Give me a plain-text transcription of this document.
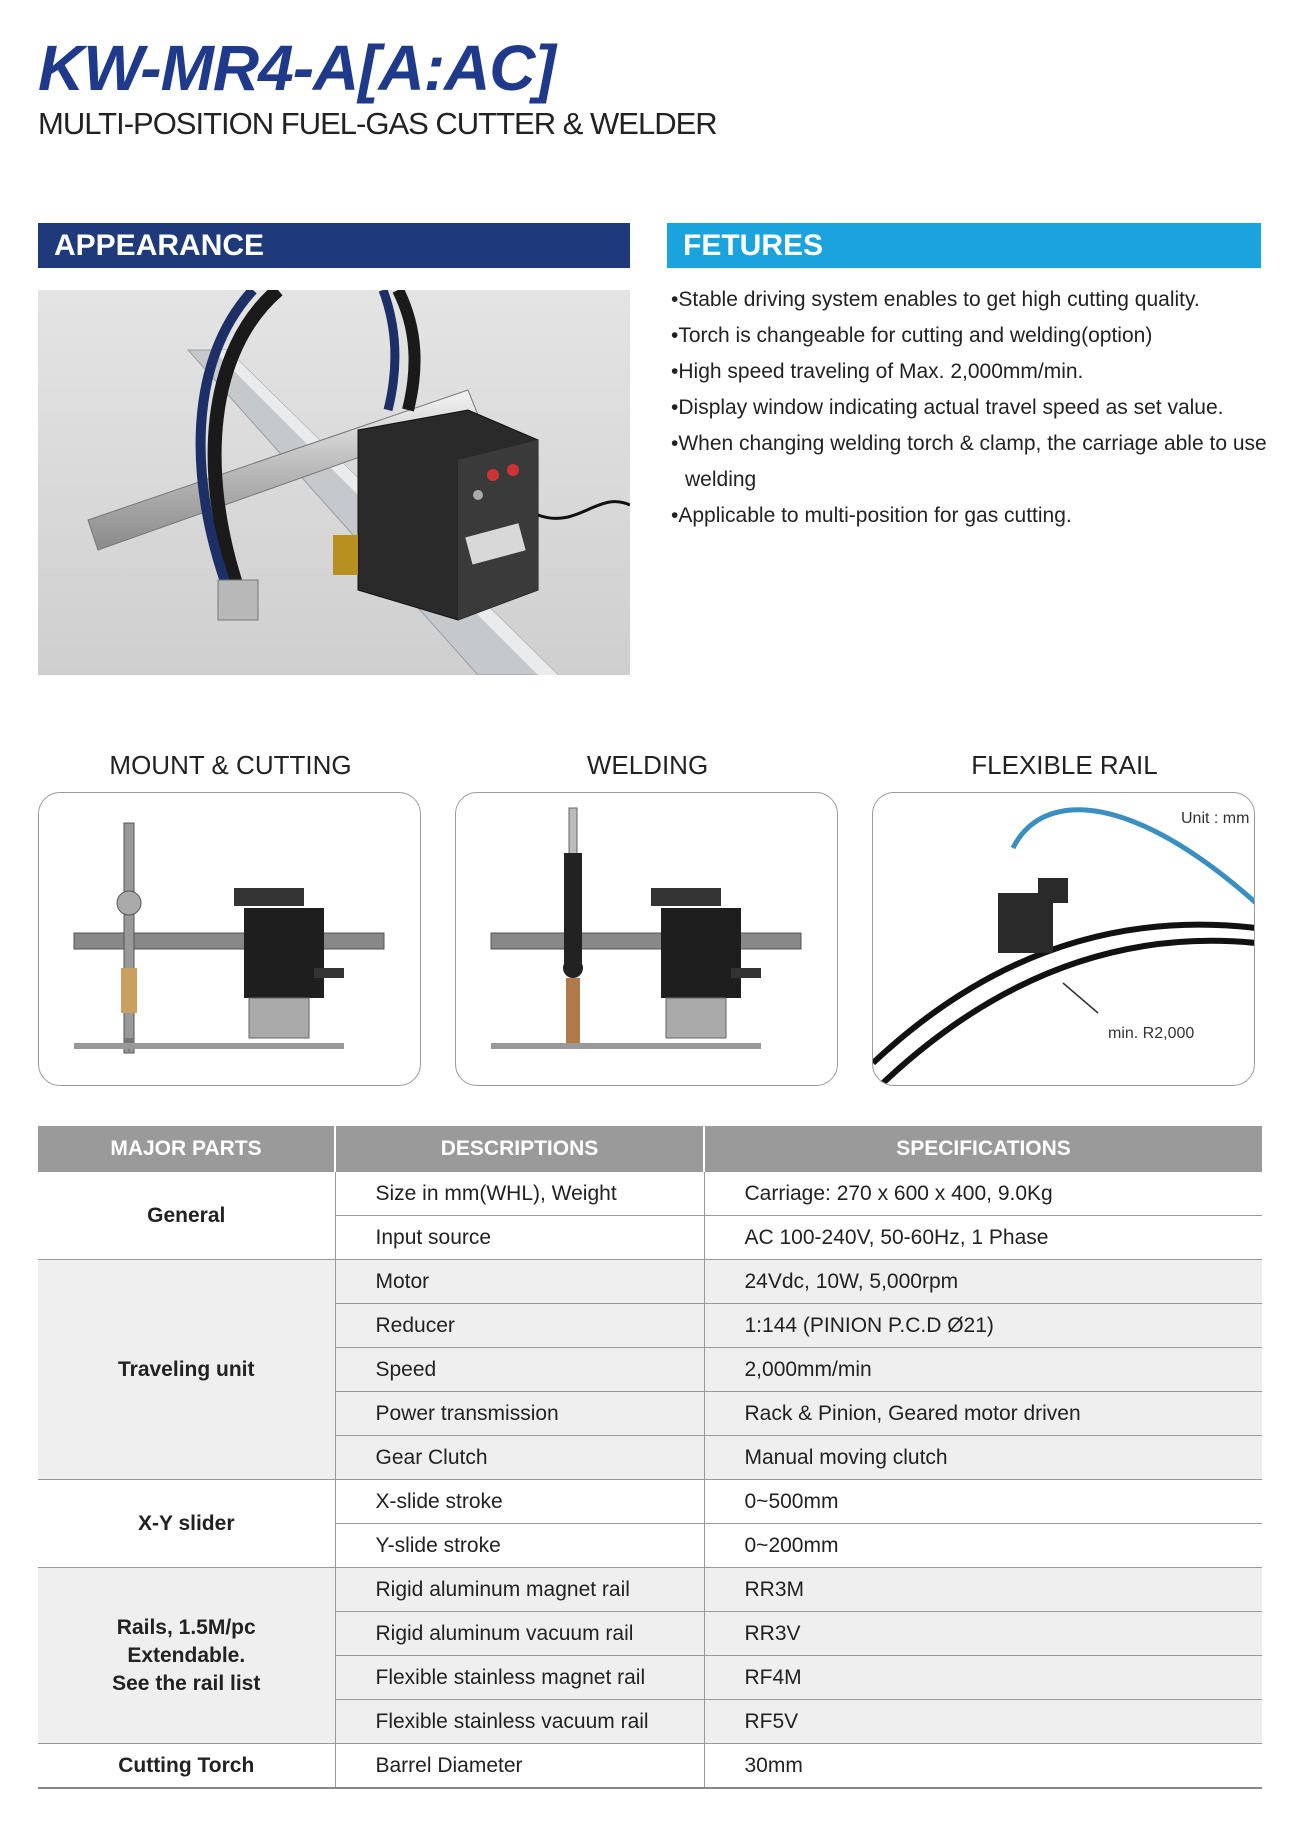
KW-MR4-A[A:AC]
MULTI-POSITION FUEL-GAS CUTTER & WELDER
APPEARANCE	FETURES
• Stable driving system enables to get high cutting quality.
• Torch is changeable for cutting and welding(option)
• High speed traveling of Max. 2,000mm/min.
• Display window indicating actual travel speed as set value.
• When changing welding torch & clamp, the carriage able to use welding
• Applicable to multi-position for gas cutting.
MOUNT & CUTTING	WELDING	FLEXIBLE RAIL
Unit : mm
min. R2,000
MAJOR PARTS	DESCRIPTIONS	SPECIFICATIONS
General	Size in mm(WHL), Weight	Carriage: 270 x 600 x 400, 9.0Kg
	Input source	AC 100-240V, 50-60Hz, 1 Phase
Traveling unit	Motor	24Vdc, 10W, 5,000rpm
	Reducer	1:144 (PINION P.C.D Ø21)
	Speed	2,000mm/min
	Power transmission	Rack & Pinion, Geared motor driven
	Gear Clutch	Manual moving clutch
X-Y slider	X-slide stroke	0~500mm
	Y-slide stroke	0~200mm
Rails, 1.5M/pc
Extendable.
See the rail list	Rigid aluminum magnet rail	RR3M
	Rigid aluminum vacuum rail	RR3V
	Flexible stainless magnet rail	RF4M
	Flexible stainless vacuum rail	RF5V
Cutting Torch	Barrel Diameter	30mm
